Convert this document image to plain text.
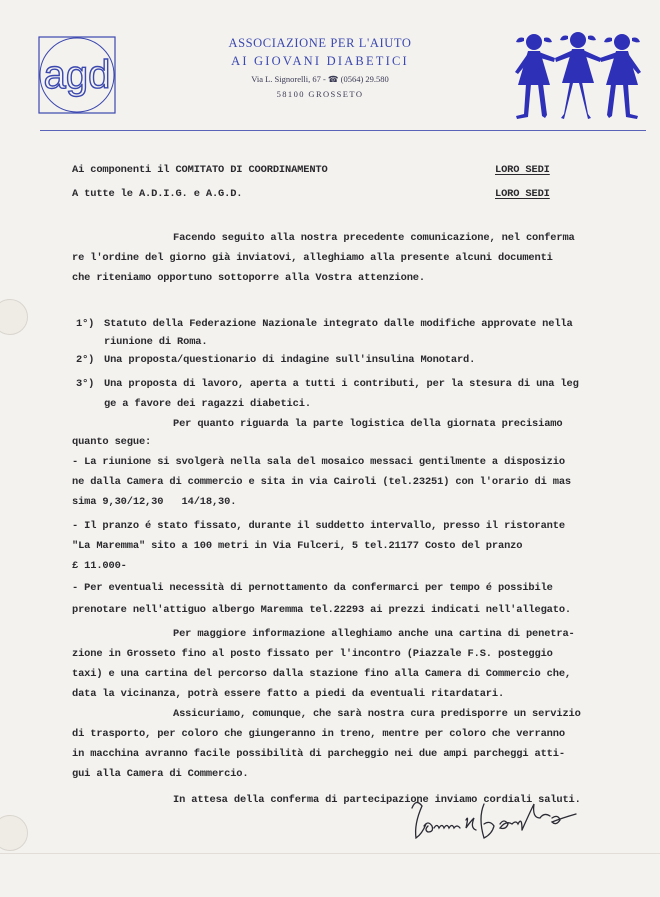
agd
ASSOCIAZIONE PER L'AIUTO
AI GIOVANI DIABETICI
Via L. Signorelli, 67 - ☎ (0564) 29.580
58100 GROSSETO
Ai componenti il COMITATO DI COORDINAMENTO	LORO SEDI
A tutte le A.D.I.G. e A.G.D.	LORO SEDI
Facendo seguito alla nostra precedente comunicazione, nel conferma
re l'ordine del giorno già inviatovi, alleghiamo alla presente alcuni documenti
che riteniamo opportuno sottoporre alla Vostra attenzione.
1°) Statuto della Federazione Nazionale integrato dalle modifiche approvate nella
riunione di Roma.
2°) Una proposta/questionario di indagine sull'insulina Monotard.
3°) Una proposta di lavoro, aperta a tutti i contributi, per la stesura di una leg
ge a favore dei ragazzi diabetici.
Per quanto riguarda la parte logistica della giornata precisiamo
quanto segue:
- La riunione si svolgerà nella sala del mosaico messaci gentilmente a disposizio
ne dalla Camera di commercio e sita in via Cairoli (tel.23251) con l'orario di mas
sima 9,30/12,30   14/18,30.
- Il pranzo é stato fissato, durante il suddetto intervallo, presso il ristorante
"La Maremma" sito a 100 metri in Via Fulceri, 5 tel.21177 Costo del pranzo
£ 11.000-
- Per eventuali necessità di pernottamento da confermarci per tempo é possibile
prenotare nell'attiguo albergo Maremma tel.22293 ai prezzi indicati nell'allegato.
Per maggiore informazione alleghiamo anche una cartina di penetra-
zione in Grosseto fino al posto fissato per l'incontro (Piazzale F.S. posteggio
taxi) e una cartina del percorso dalla stazione fino alla Camera di Commercio che,
data la vicinanza, potrà essere fatto a piedi da eventuali ritardatari.
Assicuriamo, comunque, che sarà nostra cura predisporre un servizio
di trasporto, per coloro che giungeranno in treno, mentre per coloro che verranno
in macchina avranno facile possibilità di parcheggio nei due ampi parcheggi atti-
gui alla Camera di Commercio.
In attesa della conferma di partecipazione inviamo cordiali saluti.
